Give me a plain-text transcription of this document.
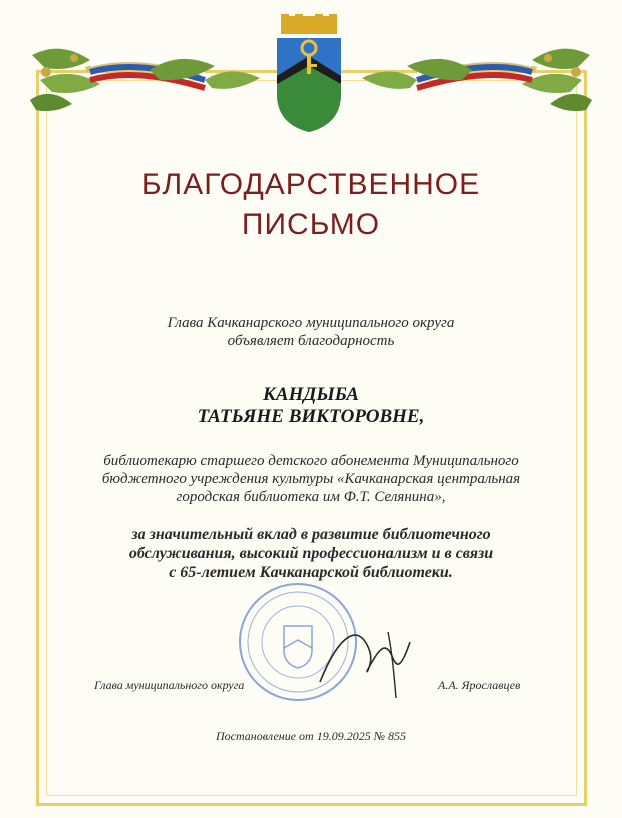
БЛАГОДАРСТВЕННОЕ
ПИСЬМО
Глава Качканарского муниципального округа
объявляет благодарность
КАНДЫБА
ТАТЬЯНЕ ВИКТОРОВНЕ,
библиотекарю старшего детского абонемента Муниципального
бюджетного учреждения культуры «Качканарская центральная
городская библиотека им Ф.Т. Селянина»,
за значительный вклад в развитие библиотечного
обслуживания, высокий профессионализм и в связи
с 65-летием Качканарской библиотеки.
Глава муниципального округа	А.А. Ярославцев
Постановление от 19.09.2025 № 855
